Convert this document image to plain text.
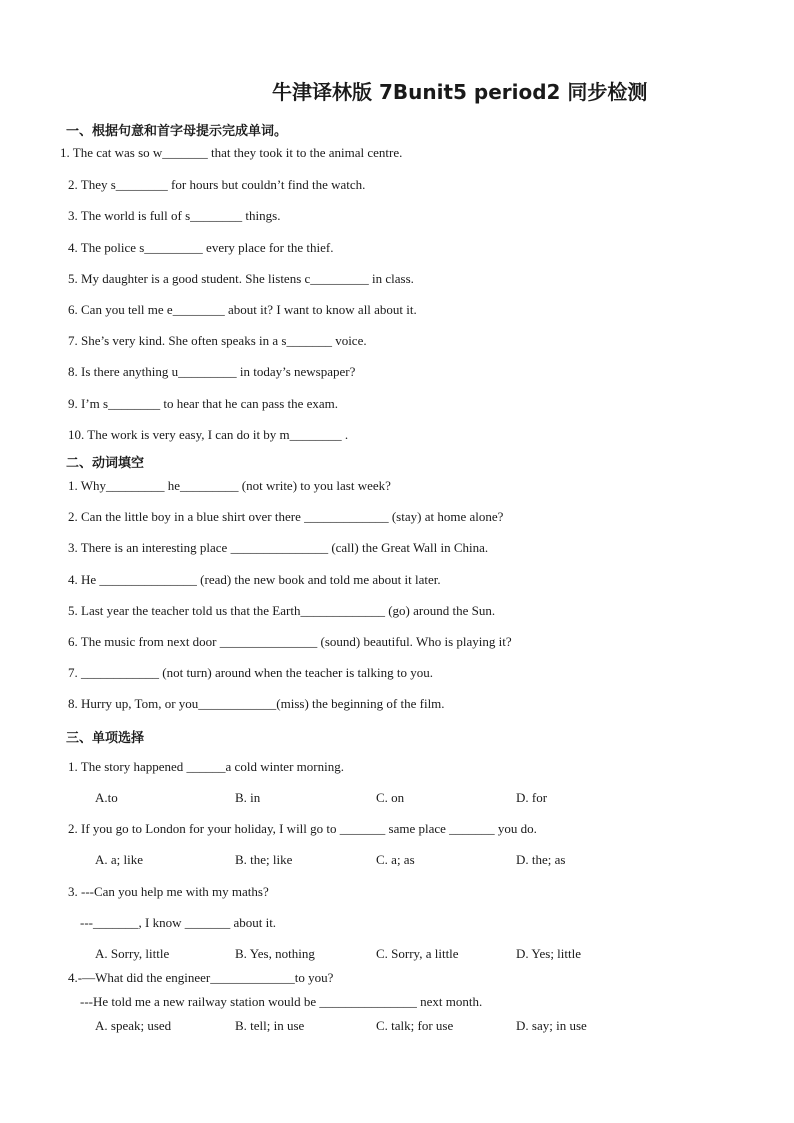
牛津译林版 7Bunit5 period2 同步检测
一、根据句意和首字母提示完成单词。
1. The cat was so w_______ that they took it to the animal centre.
2. They s________ for hours but couldn’t find the watch.
3. The world is full of s________ things.
4. The police s_________ every place for the thief.
5. My daughter is a good student. She listens c_________ in class.
6. Can you tell me e________ about it? I want to know all about it.
7. She’s very kind. She often speaks in a s_______ voice.
8. Is there anything u_________ in today’s newspaper?
9. I’m s________ to hear that he can pass the exam.
10. The work is very easy, I can do it by m________ .
二、动词填空
1. Why_________ he_________ (not write) to you last week?
2. Can the little boy in a blue shirt over there _____________ (stay) at home alone?
3. There is an interesting place _______________ (call) the Great Wall in China.
4. He _______________ (read) the new book and told me about it later.
5. Last year the teacher told us that the Earth_____________ (go) around the Sun.
6. The music from next door _______________ (sound) beautiful. Who is playing it?
7. ____________ (not turn) around when the teacher is talking to you.
8. Hurry up, Tom, or you____________(miss) the beginning of the film.
三、单项选择
1. The story happened ______a cold winter morning.
A.to	B. in	C. on	D. for
2. If you go to London for your holiday, I will go to _______ same place _______ you do.
A. a; like	B. the; like	C. a; as	D. the; as
3. ---Can you help me with my maths?
---_______, I know _______ about it.
A. Sorry, little	B. Yes, nothing	C. Sorry, a little	D. Yes; little
4.-—What did the engineer_____________to you?
---He told me a new railway station would be _______________ next month.
A. speak; used	B. tell; in use	C. talk; for use	D. say; in use
